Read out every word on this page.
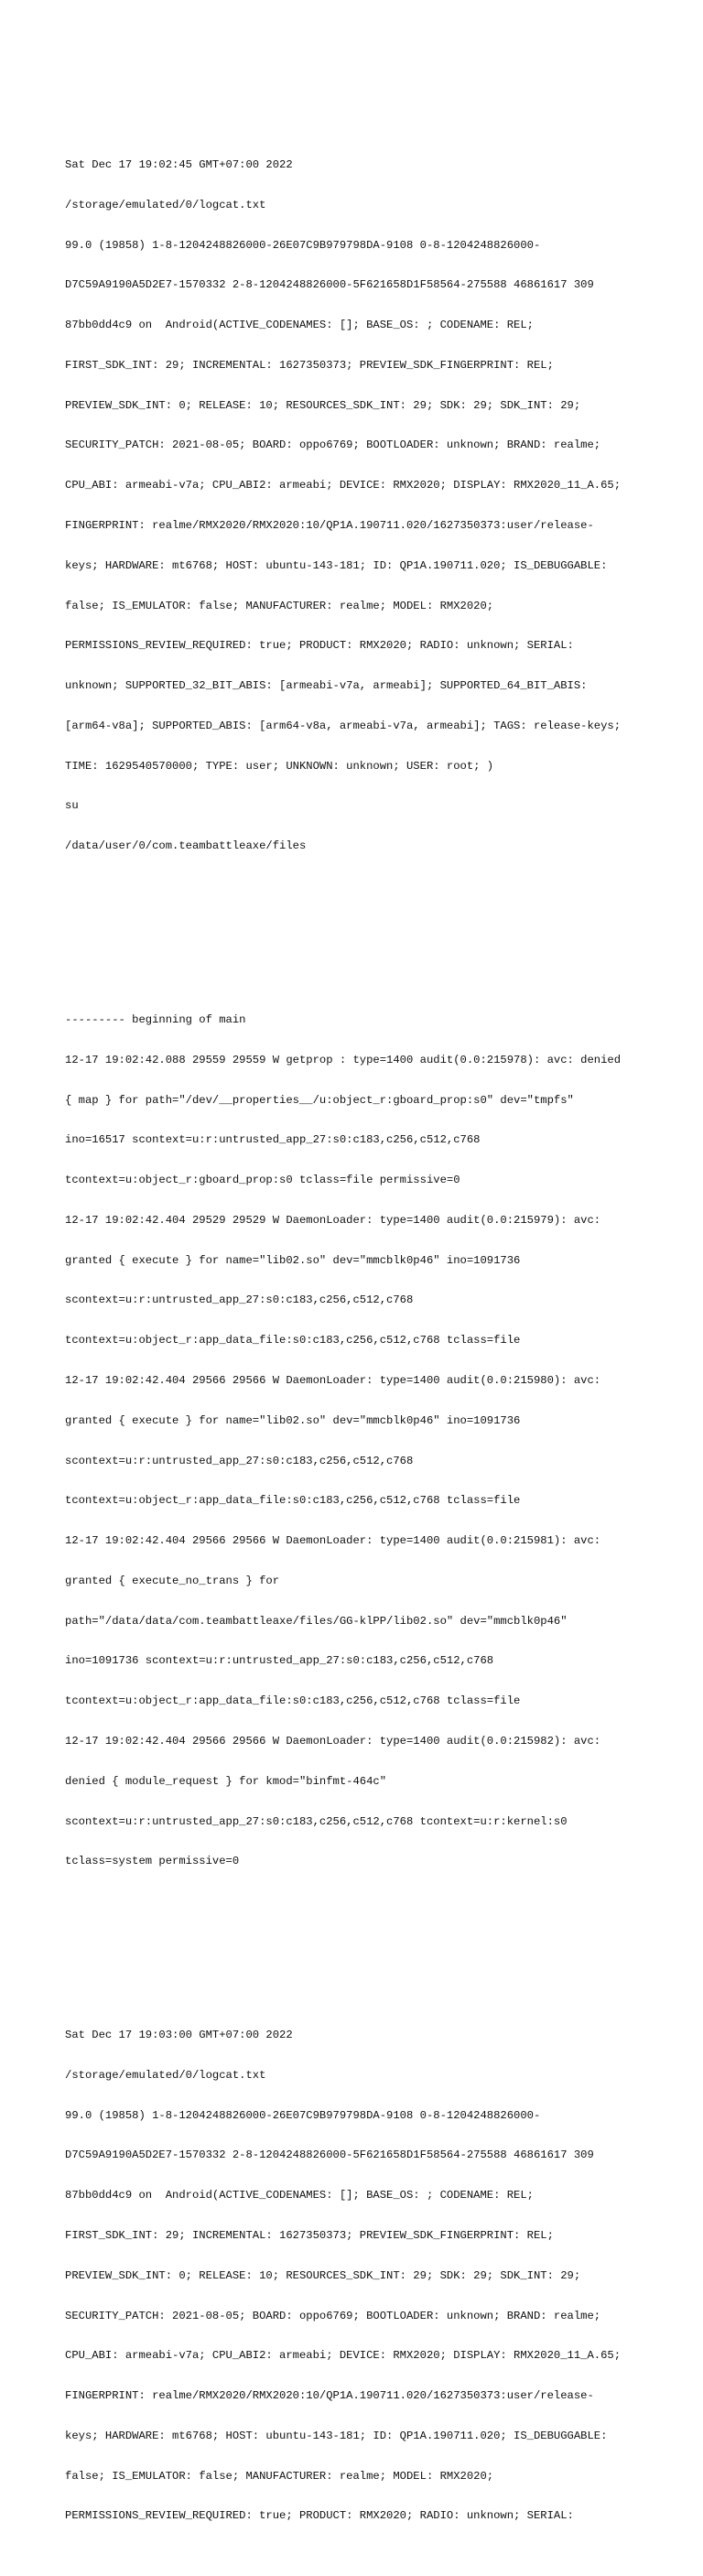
Sat Dec 17 19:02:45 GMT+07:00 2022

/storage/emulated/0/logcat.txt

99.0 (19858) 1-8-1204248826000-26E07C9B979798DA-9108 0-8-1204248826000-

D7C59A9190A5D2E7-1570332 2-8-1204248826000-5F621658D1F58564-275588 46861617 309

87bb0dd4c9 on  Android(ACTIVE_CODENAMES: []; BASE_OS: ; CODENAME: REL;

FIRST_SDK_INT: 29; INCREMENTAL: 1627350373; PREVIEW_SDK_FINGERPRINT: REL;

PREVIEW_SDK_INT: 0; RELEASE: 10; RESOURCES_SDK_INT: 29; SDK: 29; SDK_INT: 29;

SECURITY_PATCH: 2021-08-05; BOARD: oppo6769; BOOTLOADER: unknown; BRAND: realme;

CPU_ABI: armeabi-v7a; CPU_ABI2: armeabi; DEVICE: RMX2020; DISPLAY: RMX2020_11_A.65;

FINGERPRINT: realme/RMX2020/RMX2020:10/QP1A.190711.020/1627350373:user/release-

keys; HARDWARE: mt6768; HOST: ubuntu-143-181; ID: QP1A.190711.020; IS_DEBUGGABLE:

false; IS_EMULATOR: false; MANUFACTURER: realme; MODEL: RMX2020;

PERMISSIONS_REVIEW_REQUIRED: true; PRODUCT: RMX2020; RADIO: unknown; SERIAL:

unknown; SUPPORTED_32_BIT_ABIS: [armeabi-v7a, armeabi]; SUPPORTED_64_BIT_ABIS:

[arm64-v8a]; SUPPORTED_ABIS: [arm64-v8a, armeabi-v7a, armeabi]; TAGS: release-keys;

TIME: 1629540570000; TYPE: user; UNKNOWN: unknown; USER: root; )

su

/data/user/0/com.teambattleaxe/files

--------- beginning of main

12-17 19:02:42.088 29559 29559 W getprop : type=1400 audit(0.0:215978): avc: denied

{ map } for path="/dev/__properties__/u:object_r:gboard_prop:s0" dev="tmpfs"

ino=16517 scontext=u:r:untrusted_app_27:s0:c183,c256,c512,c768

tcontext=u:object_r:gboard_prop:s0 tclass=file permissive=0

12-17 19:02:42.404 29529 29529 W DaemonLoader: type=1400 audit(0.0:215979): avc:

granted { execute } for name="lib02.so" dev="mmcblk0p46" ino=1091736

scontext=u:r:untrusted_app_27:s0:c183,c256,c512,c768

tcontext=u:object_r:app_data_file:s0:c183,c256,c512,c768 tclass=file

12-17 19:02:42.404 29566 29566 W DaemonLoader: type=1400 audit(0.0:215980): avc:

granted { execute } for name="lib02.so" dev="mmcblk0p46" ino=1091736

scontext=u:r:untrusted_app_27:s0:c183,c256,c512,c768

tcontext=u:object_r:app_data_file:s0:c183,c256,c512,c768 tclass=file

12-17 19:02:42.404 29566 29566 W DaemonLoader: type=1400 audit(0.0:215981): avc:

granted { execute_no_trans } for

path="/data/data/com.teambattleaxe/files/GG-klPP/lib02.so" dev="mmcblk0p46"

ino=1091736 scontext=u:r:untrusted_app_27:s0:c183,c256,c512,c768

tcontext=u:object_r:app_data_file:s0:c183,c256,c512,c768 tclass=file

12-17 19:02:42.404 29566 29566 W DaemonLoader: type=1400 audit(0.0:215982): avc:

denied { module_request } for kmod="binfmt-464c"

scontext=u:r:untrusted_app_27:s0:c183,c256,c512,c768 tcontext=u:r:kernel:s0

tclass=system permissive=0

Sat Dec 17 19:03:00 GMT+07:00 2022

/storage/emulated/0/logcat.txt

99.0 (19858) 1-8-1204248826000-26E07C9B979798DA-9108 0-8-1204248826000-

D7C59A9190A5D2E7-1570332 2-8-1204248826000-5F621658D1F58564-275588 46861617 309

87bb0dd4c9 on  Android(ACTIVE_CODENAMES: []; BASE_OS: ; CODENAME: REL;

FIRST_SDK_INT: 29; INCREMENTAL: 1627350373; PREVIEW_SDK_FINGERPRINT: REL;

PREVIEW_SDK_INT: 0; RELEASE: 10; RESOURCES_SDK_INT: 29; SDK: 29; SDK_INT: 29;

SECURITY_PATCH: 2021-08-05; BOARD: oppo6769; BOOTLOADER: unknown; BRAND: realme;

CPU_ABI: armeabi-v7a; CPU_ABI2: armeabi; DEVICE: RMX2020; DISPLAY: RMX2020_11_A.65;

FINGERPRINT: realme/RMX2020/RMX2020:10/QP1A.190711.020/1627350373:user/release-

keys; HARDWARE: mt6768; HOST: ubuntu-143-181; ID: QP1A.190711.020; IS_DEBUGGABLE:

false; IS_EMULATOR: false; MANUFACTURER: realme; MODEL: RMX2020;

PERMISSIONS_REVIEW_REQUIRED: true; PRODUCT: RMX2020; RADIO: unknown; SERIAL:
